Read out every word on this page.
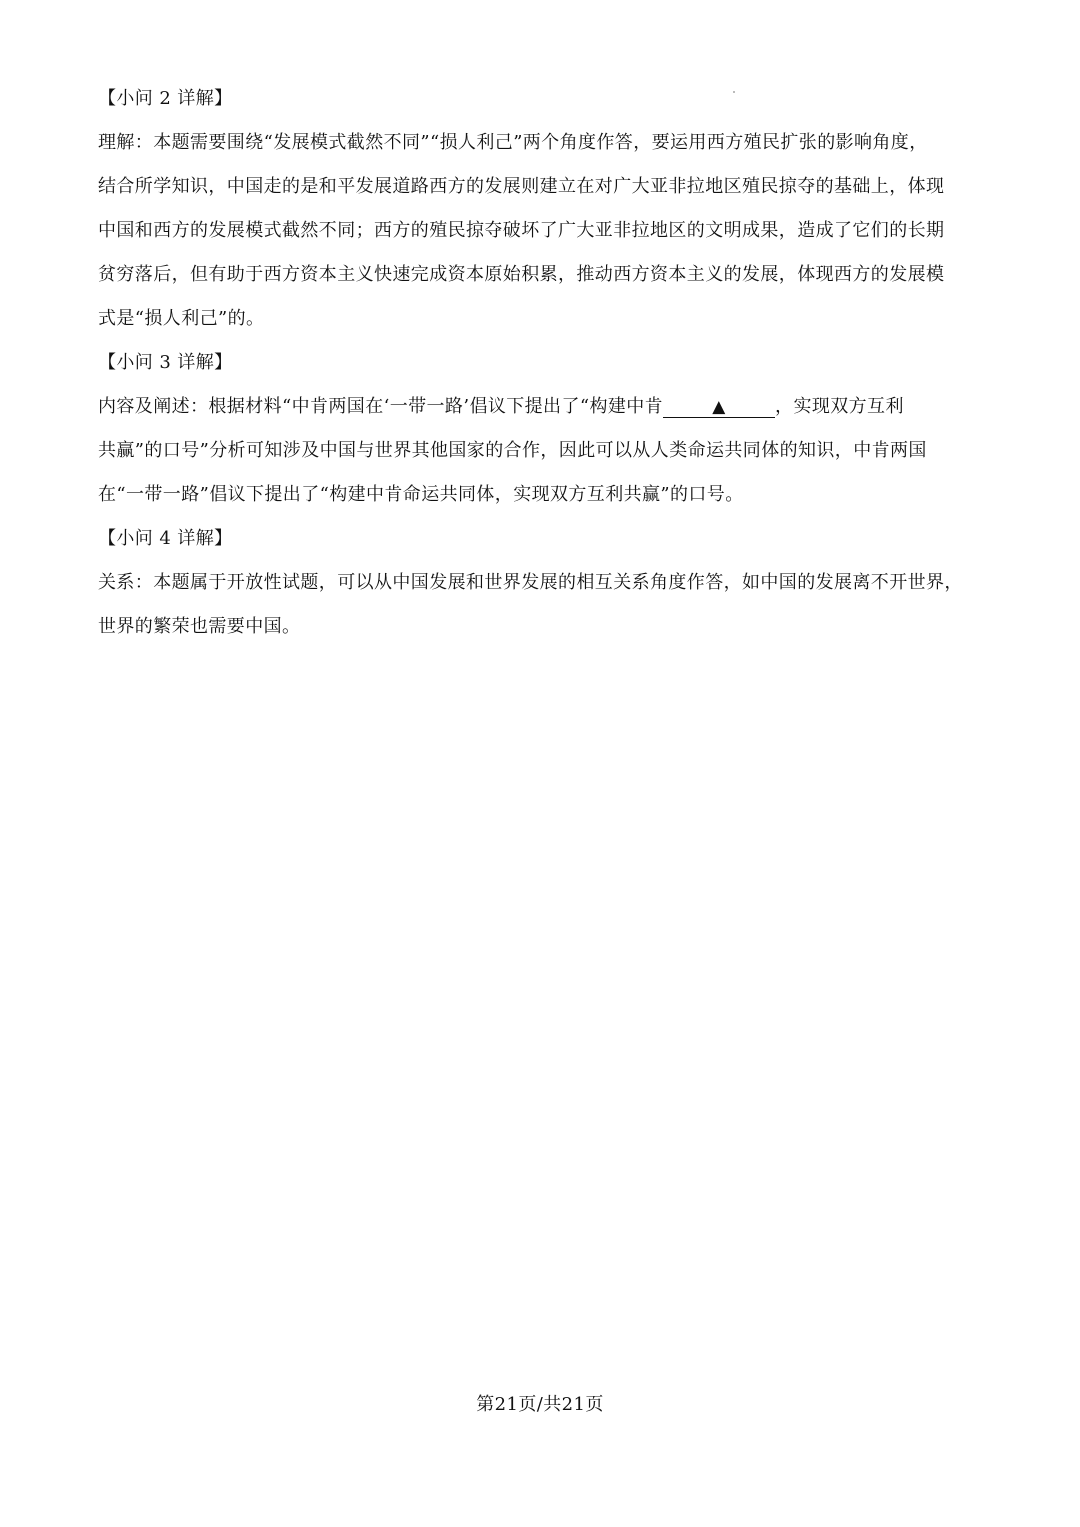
【小问 2 详解】
理解：本题需要围绕“发展模式截然不同”“损人利己”两个角度作答，要运用西方殖民扩张的影响角度，
结合所学知识，中国走的是和平发展道路西方的发展则建立在对广大亚非拉地区殖民掠夺的基础上，体现
中国和西方的发展模式截然不同；西方的殖民掠夺破坏了广大亚非拉地区的文明成果，造成了它们的长期
贫穷落后，但有助于西方资本主义快速完成资本原始积累，推动西方资本主义的发展，体现西方的发展模
式是“损人利己”的。
【小问 3 详解】
内容及阐述：根据材料“中肯两国在‘一带一路’倡议下提出了“构建中肯	▲	，实现双方互利
共赢”的口号”分析可知涉及中国与世界其他国家的合作，因此可以从人类命运共同体的知识，中肯两国
在“一带一路”倡议下提出了“构建中肯命运共同体，实现双方互利共赢”的口号。
【小问 4 详解】
关系：本题属于开放性试题，可以从中国发展和世界发展的相互关系角度作答，如中国的发展离不开世界，
世界的繁荣也需要中国。
第21页/共21页
